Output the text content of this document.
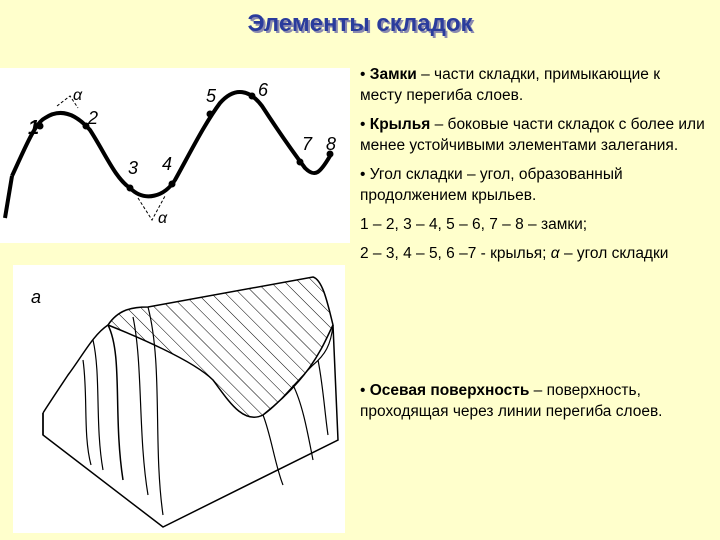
Элементы складок
1	2
3 4
5 6
7 8
α
α
а

• Замки – части складки, примыкающие к месту перегиба слоев.

• Крылья – боковые части складок с более или менее устойчивыми элементами залегания.

• Угол складки – угол, образованный продолжением крыльев.

1 – 2, 3 – 4, 5 – 6, 7 – 8 – замки;

2 – 3, 4 – 5, 6 –7 - крылья; α – угол складки

• Осевая поверхность – поверхность, проходящая через линии перегиба слоев.
